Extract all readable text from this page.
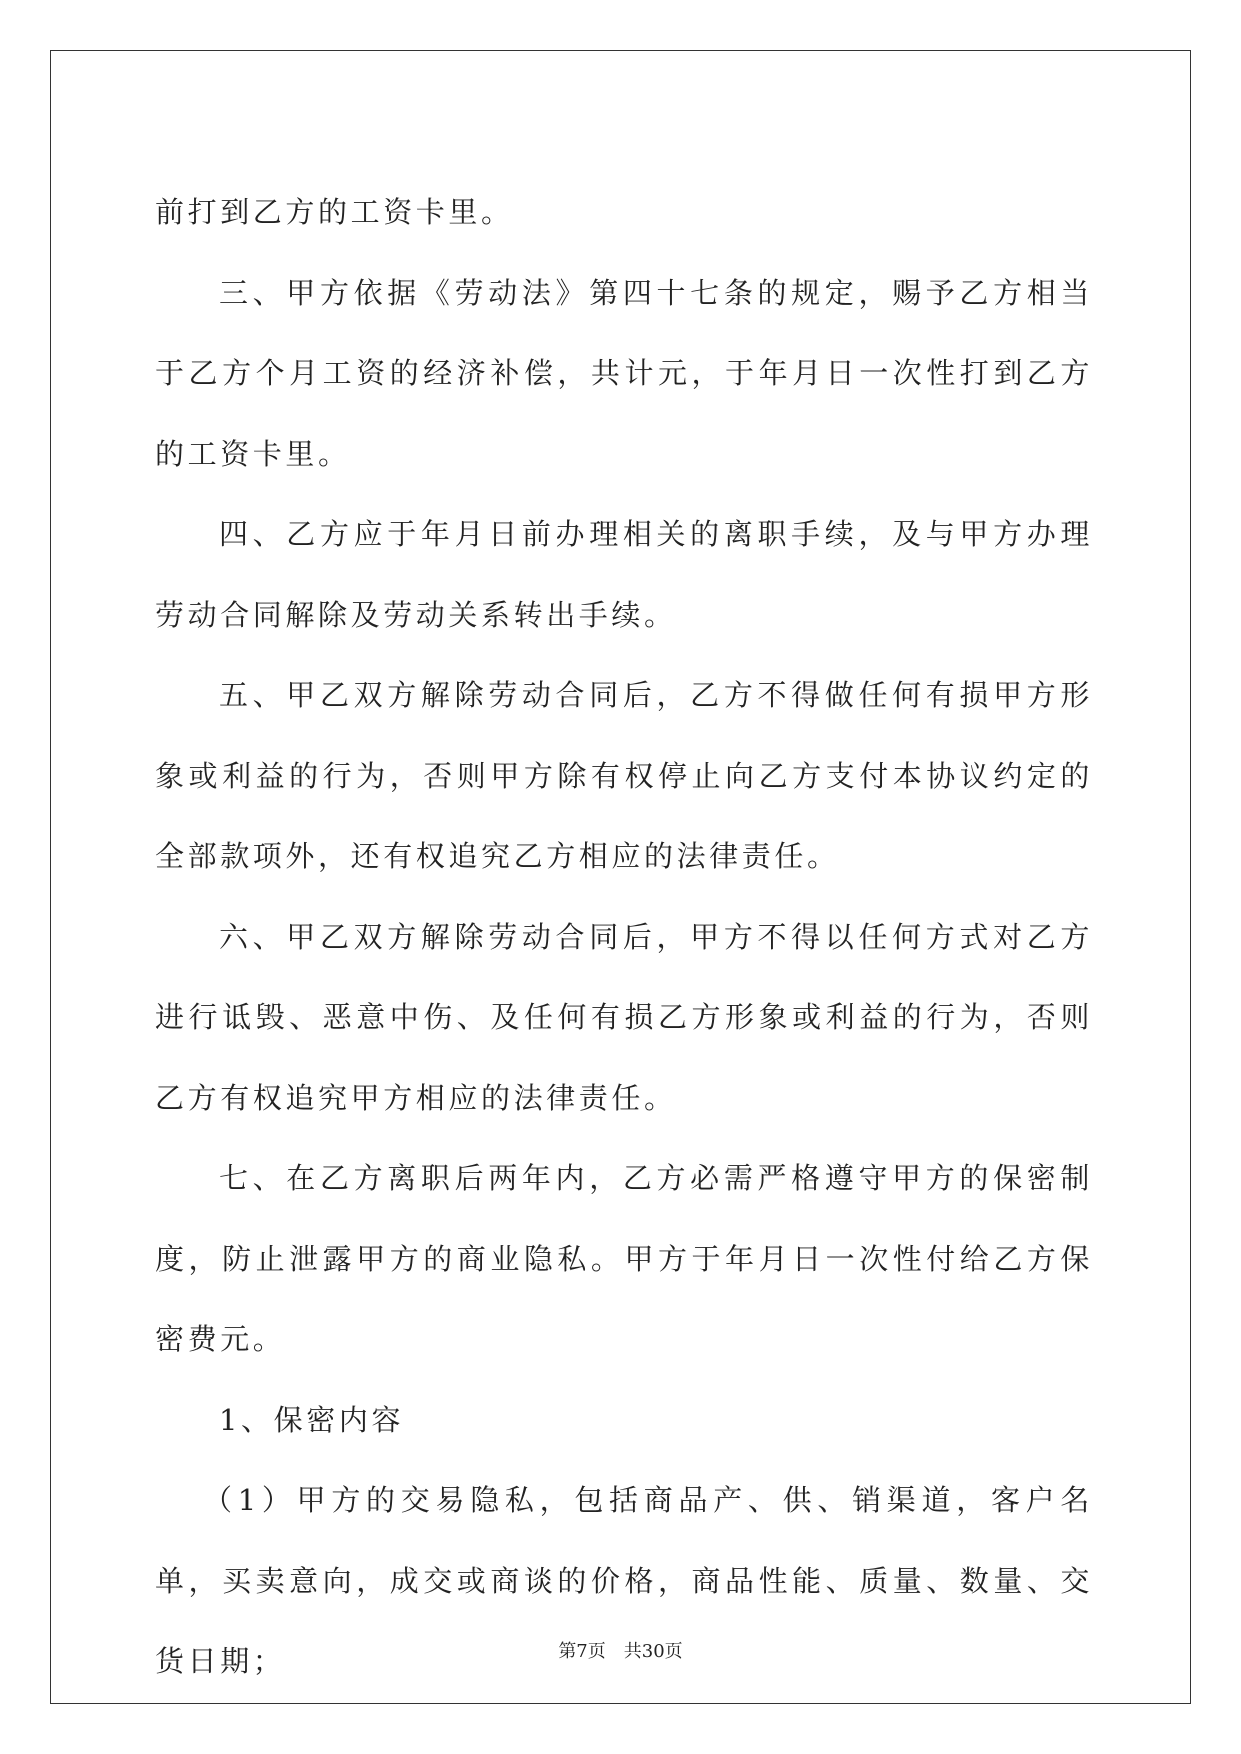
前打到乙方的工资卡里。

三、甲方依据《劳动法》第四十七条的规定，赐予乙方相当于乙方个月工资的经济补偿，共计元，于年月日一次性打到乙方的工资卡里。

四、乙方应于年月日前办理相关的离职手续，及与甲方办理劳动合同解除及劳动关系转出手续。

五、甲乙双方解除劳动合同后，乙方不得做任何有损甲方形象或利益的行为，否则甲方除有权停止向乙方支付本协议约定的全部款项外，还有权追究乙方相应的法律责任。

六、甲乙双方解除劳动合同后，甲方不得以任何方式对乙方进行诋毁、恶意中伤、及任何有损乙方形象或利益的行为，否则乙方有权追究甲方相应的法律责任。

七、在乙方离职后两年内，乙方必需严格遵守甲方的保密制度，防止泄露甲方的商业隐私。甲方于年月日一次性付给乙方保密费元。

1、保密内容

（1）甲方的交易隐私，包括商品产、供、销渠道，客户名单，买卖意向，成交或商谈的价格，商品性能、质量、数量、交货日期；	第7页 共30页
